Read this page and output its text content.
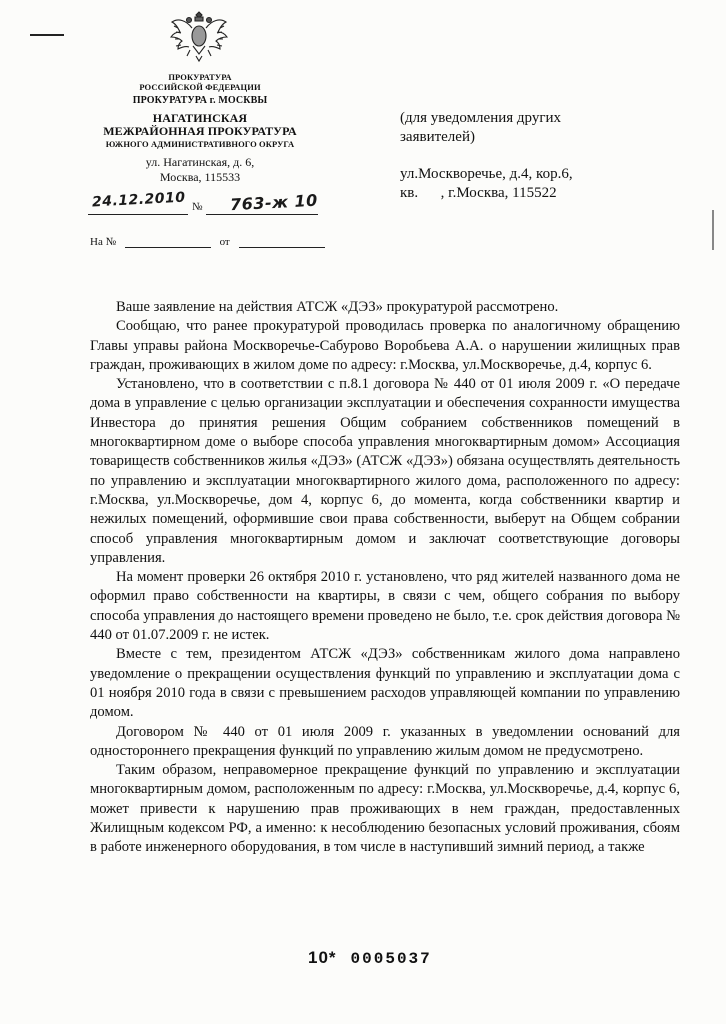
ПРОКУРАТУРА
РОССИЙСКОЙ ФЕДЕРАЦИИ
ПРОКУРАТУРА г. МОСКВЫ
НАГАТИНСКАЯ
МЕЖРАЙОННАЯ ПРОКУРАТУРА
ЮЖНОГО АДМИНИСТРАТИВНОГО ОКРУГА
ул. Нагатинская, д. 6,
Москва, 115533
(для уведомления других заявителей)
ул.Москворечье, д.4, кор.6,
кв.      , г.Москва, 115522
24.12.2010 № 763-ж 10
На №	от

Ваше заявление на действия АТСЖ «ДЭЗ» прокуратурой рассмотрено.

Сообщаю, что ранее прокуратурой проводилась проверка по аналогичному обращению Главы управы района Москворечье-Сабурово Воробьева А.А. о нарушении жилищных прав граждан, проживающих в жилом доме по адресу: г.Москва, ул.Москворечье, д.4, корпус 6.

Установлено, что в соответствии с п.8.1 договора № 440 от 01 июля 2009 г. «О передаче дома в управление с целью организации эксплуатации и обеспечения сохранности имущества Инвестора до принятия решения Общим собранием собственников помещений в многоквартирном доме о выборе способа управления многоквартирным домом» Ассоциация товариществ собственников жилья «ДЭЗ» (АТСЖ «ДЭЗ») обязана осуществлять деятельность по управлению и эксплуатации многоквартирного жилого дома, расположенного по адресу: г.Москва, ул.Москворечье, дом 4, корпус 6, до момента, когда собственники квартир и нежилых помещений, оформившие свои права собственности, выберут на Общем собрании способ управления многоквартирным домом и заключат соответствующие договоры управления.

На момент проверки 26 октября 2010 г. установлено, что ряд жителей названного дома не оформил право собственности на квартиры, в связи с чем, общего собрания по выбору способа управления до настоящего времени проведено не было, т.е. срок действия договора № 440 от 01.07.2009 г. не истек.

Вместе с тем, президентом АТСЖ «ДЭЗ» собственникам жилого дома направлено уведомление о прекращении осуществления функций по управлению и эксплуатации дома с 01 ноября 2010 года в связи с превышением расходов управляющей компании по управлению домом.

Договором № 440 от 01 июля 2009 г. указанных в уведомлении оснований для одностороннего прекращения функций по управлению жилым домом не предусмотрено.

Таким образом, неправомерное прекращение функций по управлению и эксплуатации многоквартирным домом, расположенным по адресу: г.Москва, ул.Москворечье, д.4, корпус 6, может привести к нарушению прав проживающих в нем граждан, предоставленных Жилищным кодексом РФ, а именно: к несоблюдению безопасных условий проживания, сбоям в работе инженерного оборудования, в том числе в наступивший зимний период, а также

10* 0005037
